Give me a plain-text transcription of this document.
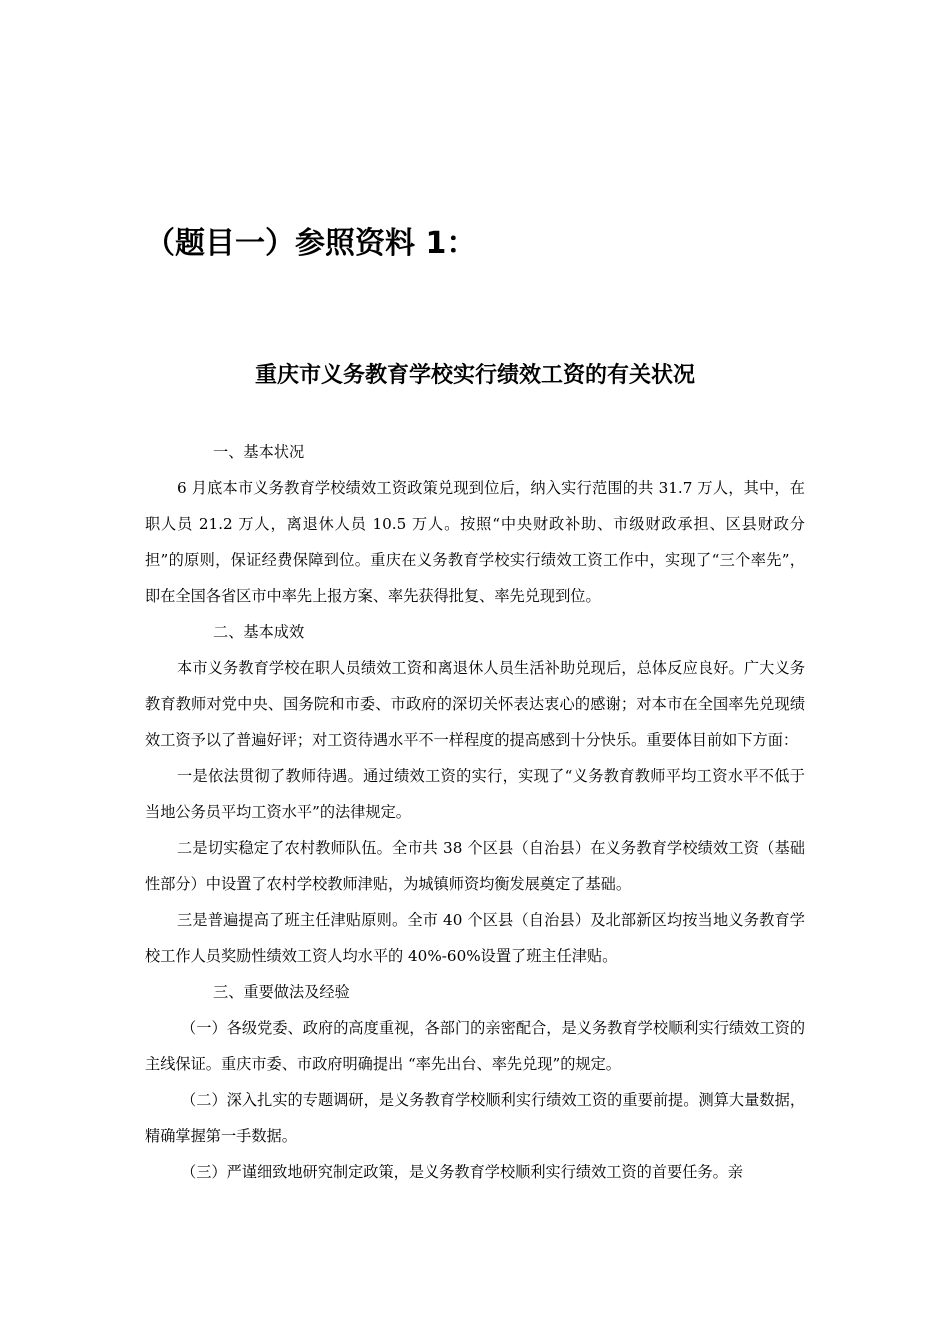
（题目一）参照资料 1：
重庆市义务教育学校实行绩效工资的有关状况

一、基本状况

6 月底本市义务教育学校绩效工资政策兑现到位后，纳入实行范围的共 31.7 万人，其中，在职人员 21.2 万人，离退休人员 10.5 万人。按照“中央财政补助、市级财政承担、区县财政分担”的原则，保证经费保障到位。重庆在义务教育学校实行绩效工资工作中，实现了“三个率先”，即在全国各省区市中率先上报方案、率先获得批复、率先兑现到位。

二、基本成效

本市义务教育学校在职人员绩效工资和离退休人员生活补助兑现后，总体反应良好。广大义务教育教师对党中央、国务院和市委、市政府的深切关怀表达衷心的感谢；对本市在全国率先兑现绩效工资予以了普遍好评；对工资待遇水平不一样程度的提高感到十分快乐。重要体目前如下方面：

一是依法贯彻了教师待遇。通过绩效工资的实行，实现了“义务教育教师平均工资水平不低于当地公务员平均工资水平”的法律规定。

二是切实稳定了农村教师队伍。全市共 38 个区县（自治县）在义务教育学校绩效工资（基础性部分）中设置了农村学校教师津贴，为城镇师资均衡发展奠定了基础。

三是普遍提高了班主任津贴原则。全市 40 个区县（自治县）及北部新区均按当地义务教育学校工作人员奖励性绩效工资人均水平的 40%-60%设置了班主任津贴。

三、重要做法及经验

（一）各级党委、政府的高度重视，各部门的亲密配合，是义务教育学校顺利实行绩效工资的主线保证。重庆市委、市政府明确提出 “率先出台、率先兑现”的规定。

（二）深入扎实的专题调研，是义务教育学校顺利实行绩效工资的重要前提。测算大量数据，精确掌握第一手数据。

（三）严谨细致地研究制定政策，是义务教育学校顺利实行绩效工资的首要任务。亲
